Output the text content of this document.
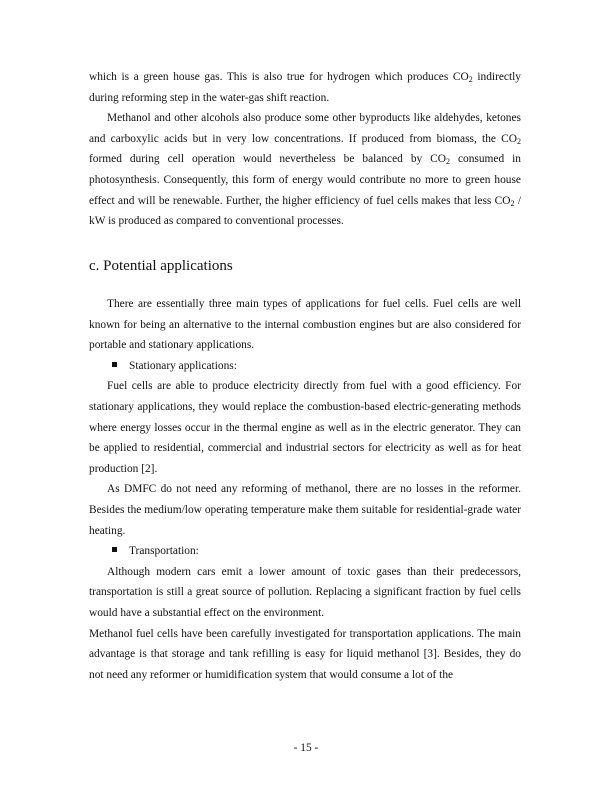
which is a green house gas. This is also true for hydrogen which produces $CO_2$ indirectly during reforming step in the water-gas shift reaction.

Methanol and other alcohols also produce some other byproducts like aldehydes, ketones and carboxylic acids but in very low concentrations. If produced from biomass, the $CO_2$ formed during cell operation would nevertheless be balanced by $CO_2$ consumed in photosynthesis. Consequently, this form of energy would contribute no more to green house effect and will be renewable. Further, the higher efficiency of fuel cells makes that less $CO_2$ / kW is produced as compared to conventional processes.

c. Potential applications

There are essentially three main types of applications for fuel cells. Fuel cells are well known for being an alternative to the internal combustion engines but are also considered for portable and stationary applications.

Stationary applications:

Fuel cells are able to produce electricity directly from fuel with a good efficiency. For stationary applications, they would replace the combustion-based electric-generating methods where energy losses occur in the thermal engine as well as in the electric generator. They can be applied to residential, commercial and industrial sectors for electricity as well as for heat production [2].

As DMFC do not need any reforming of methanol, there are no losses in the reformer. Besides the medium/low operating temperature make them suitable for residential-grade water heating.

Transportation:

Although modern cars emit a lower amount of toxic gases than their predecessors, transportation is still a great source of pollution. Replacing a significant fraction by fuel cells would have a substantial effect on the environment.

Methanol fuel cells have been carefully investigated for transportation applications. The main advantage is that storage and tank refilling is easy for liquid methanol [3]. Besides, they do not need any reformer or humidification system that would consume a lot of the

- 15 -
